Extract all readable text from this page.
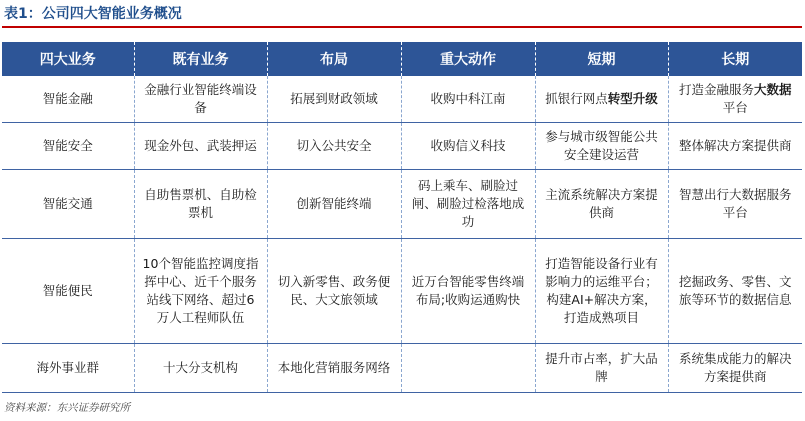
表1：公司四大智能业务概况
四大业务	既有业务	布局	重大动作	短期	长期
智能金融	金融行业智能终端设备	拓展到财政领域	收购中科江南	抓银行网点转型升级	打造金融服务大数据平台
智能安全	现金外包、武装押运	切入公共安全	收购信义科技	参与城市级智能公共安全建设运营	整体解决方案提供商
智能交通	自助售票机、自助检票机	创新智能终端	码上乘车、刷脸过闸、刷脸过检落地成功	主流系统解决方案提供商	智慧出行大数据服务平台
智能便民	10个智能监控调度指挥中心、近千个服务站线下网络、超过6万人工程师队伍	切入新零售、政务便民、大文旅领域	近万台智能零售终端布局;收购运通购快	打造智能设备行业有影响力的运维平台；构建AI+解决方案，打造成熟项目	挖掘政务、零售、文旅等环节的数据信息
海外事业群	十大分支机构	本地化营销服务网络		提升市占率，扩大品牌	系统集成能力的解决方案提供商
资料来源：东兴证券研究所
